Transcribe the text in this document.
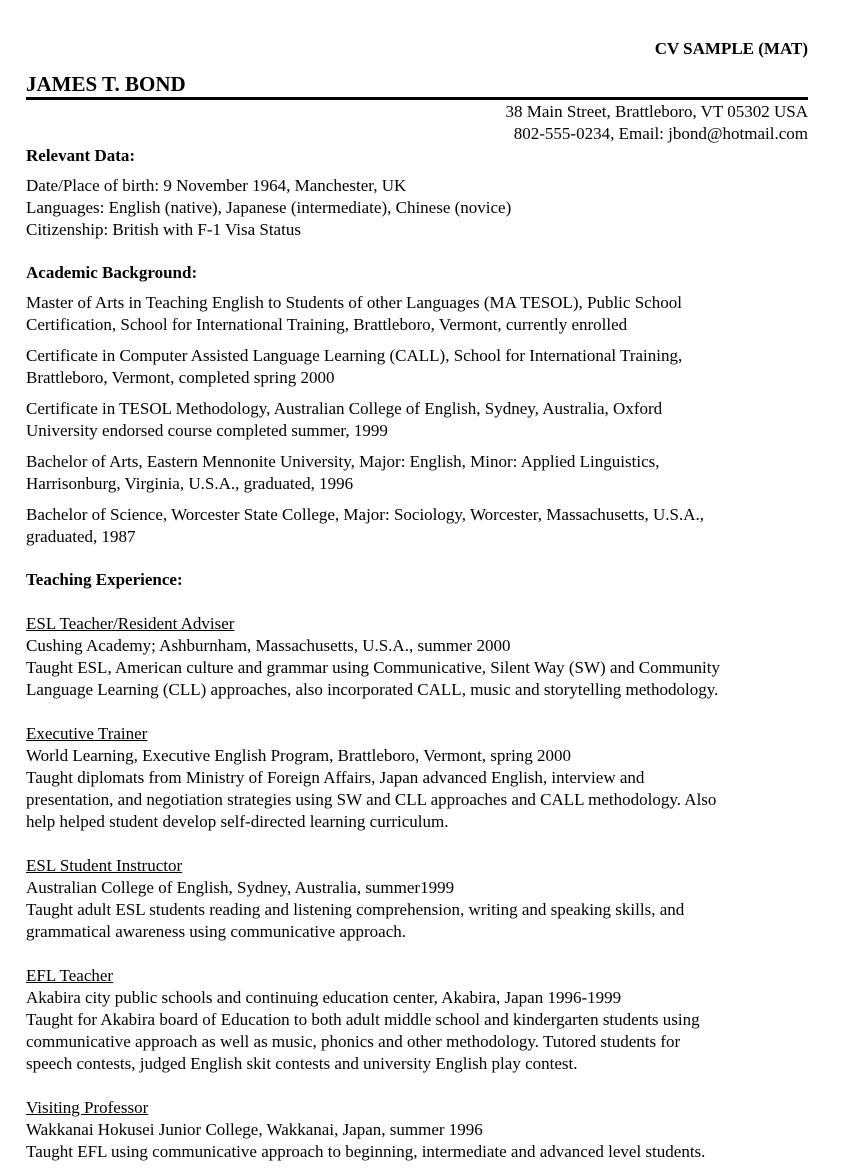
CV SAMPLE (MAT)
JAMES T. BOND
38 Main Street, Brattleboro, VT 05302 USA
802-555-0234, Email: jbond@hotmail.com
Relevant Data:
Date/Place of birth: 9 November 1964, Manchester, UK
Languages: English (native), Japanese (intermediate), Chinese (novice)
Citizenship: British with F-1 Visa Status
Academic Background:
Master of Arts in Teaching English to Students of other Languages (MA TESOL), Public School
Certification, School for International Training, Brattleboro, Vermont, currently enrolled
Certificate in Computer Assisted Language Learning (CALL), School for International Training,
Brattleboro, Vermont, completed spring 2000
Certificate in TESOL Methodology, Australian College of English, Sydney, Australia, Oxford
University endorsed course completed summer, 1999
Bachelor of Arts, Eastern Mennonite University, Major: English, Minor: Applied Linguistics,
Harrisonburg, Virginia, U.S.A., graduated, 1996
Bachelor of Science, Worcester State College, Major: Sociology, Worcester, Massachusetts, U.S.A.,
graduated, 1987
Teaching Experience:
ESL Teacher/Resident Adviser
Cushing Academy; Ashburnham, Massachusetts, U.S.A., summer 2000
Taught ESL, American culture and grammar using Communicative, Silent Way (SW) and Community
Language Learning (CLL) approaches, also incorporated CALL, music and storytelling methodology.
Executive Trainer
World Learning, Executive English Program, Brattleboro, Vermont, spring 2000
Taught diplomats from Ministry of Foreign Affairs, Japan advanced English, interview and
presentation, and negotiation strategies using SW and CLL approaches and CALL methodology. Also
help helped student develop self-directed learning curriculum.
ESL Student Instructor
Australian College of English, Sydney, Australia, summer1999
Taught adult ESL students reading and listening comprehension, writing and speaking skills, and
grammatical awareness using communicative approach.
EFL Teacher
Akabira city public schools and continuing education center, Akabira, Japan 1996-1999
Taught for Akabira board of Education to both adult middle school and kindergarten students using
communicative approach as well as music, phonics and other methodology. Tutored students for
speech contests, judged English skit contests and university English play contest.
Visiting Professor
Wakkanai Hokusei Junior College, Wakkanai, Japan, summer 1996
Taught EFL using communicative approach to beginning, intermediate and advanced level students.
